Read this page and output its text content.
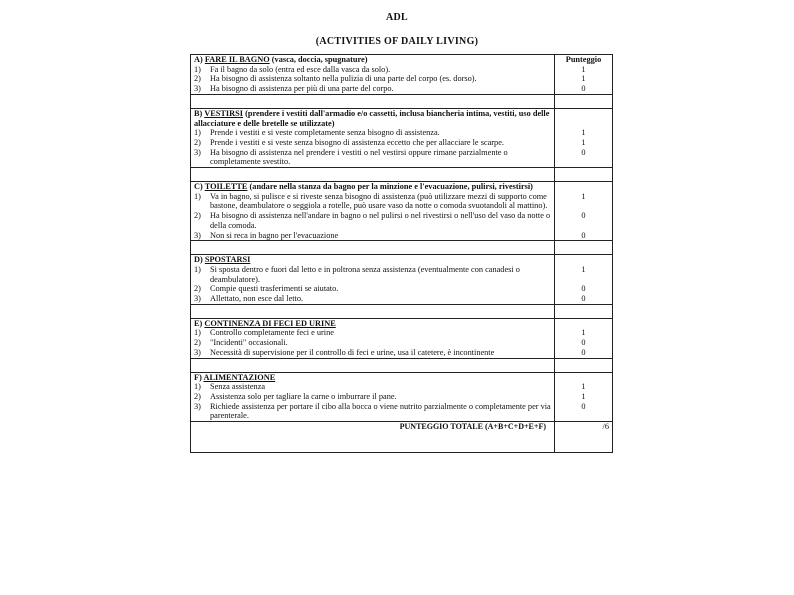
ADL
(ACTIVITIES OF DAILY LIVING)
A) FARE IL BAGNO (vasca, doccia, spugnature)	Punteggio

1) Fa il bagno da solo (entra ed esce dalla vasca da solo).	1

2) Ha bisogno di assistenza soltanto nella pulizia di una parte del corpo (es. dorso).	1

3) Ha bisogno di assistenza per più di una parte del corpo.	0

B) VESTIRSI (prendere i vestiti dall'armadio e/o cassetti, inclusa biancheria intima, vestiti, uso delle allacciature e delle bretelle se utilizzate)	

1) Prende i vestiti e si veste completamente senza bisogno di assistenza.	1

2) Prende i vestiti e si veste senza bisogno di assistenza eccetto che per allacciare le scarpe.	1

3) Ha bisogno di assistenza nel prendere i vestiti o nel vestirsi oppure rimane parzialmente o completamente svestito.	0

C) TOILETTE (andare nella stanza da bagno per la minzione e l'evacuazione, pulirsi, rivestirsi)	

1) Va in bagno, si pulisce e si riveste senza bisogno di assistenza (può utilizzare mezzi di supporto come bastone, deambulatore o seggiola a rotelle, può usare vaso da notte o comoda svuotandoli al mattino).	1

2) Ha bisogno di assistenza nell'andare in bagno o nel pulirsi o nel rivestirsi o nell'uso del vaso da notte o della comoda.	0

3) Non si reca in bagno per l'evacuazione	0

D) SPOSTARSI	

1) Si sposta dentro e fuori dal letto e in poltrona senza assistenza (eventualmente con canadesi o deambulatore).	1

2) Compie questi trasferimenti se aiutato.	0

3) Allettato, non esce dal letto.	0

E) CONTINENZA DI FECI ED URINE	

1) Controllo completamente feci e urine	1

2) "Incidenti" occasionali.	0

3) Necessità di supervisione per il controllo di feci e urine, usa il catetere, è incontinente	0

F) ALIMENTAZIONE	

1) Senza assistenza	1

2) Assistenza solo per tagliare la carne o imburrare il pane.	1

3) Richiede assistenza per portare il cibo alla bocca o viene nutrito parzialmente o completamente per via parenterale.	0
PUNTEGGIO TOTALE (A+B+C+D+E+F)	/6
